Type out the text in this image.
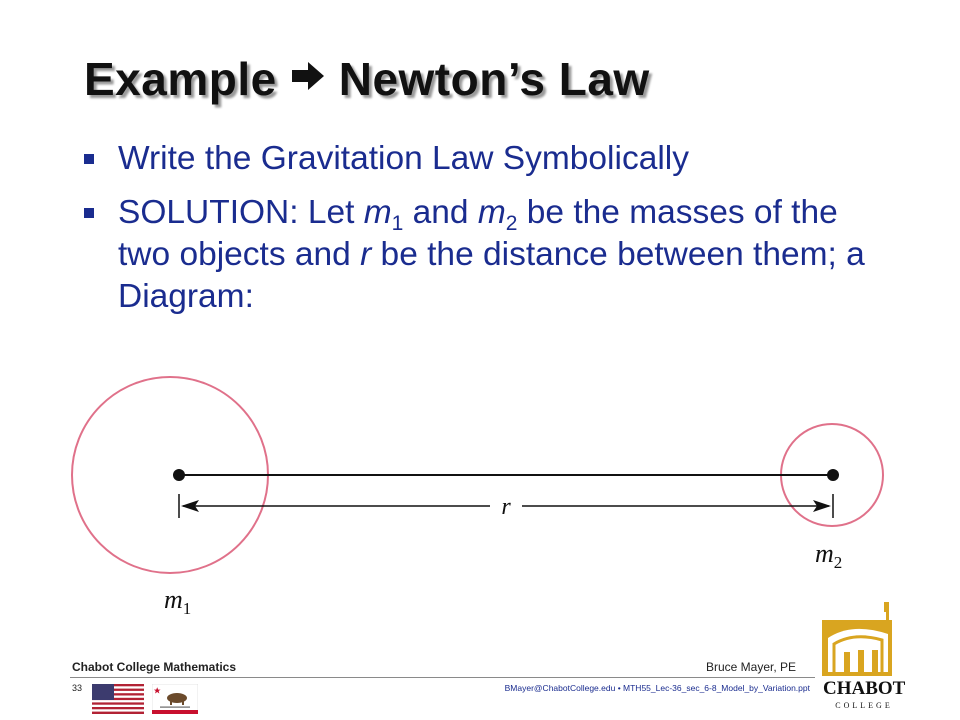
Example Newton’s Law
Write the Gravitation Law Symbolically
SOLUTION: Let $m_1$ and $m_2$ be the masses of the two objects and r be the distance between them; a Diagram:
r
$m_1$
$m_2$
Chabot College Mathematics	Bruce Mayer, PE
33	BMayer@ChabotCollege.edu • MTH55_Lec-36_sec_6-8_Model_by_Variation.ppt CHABOT
COLLEGE
